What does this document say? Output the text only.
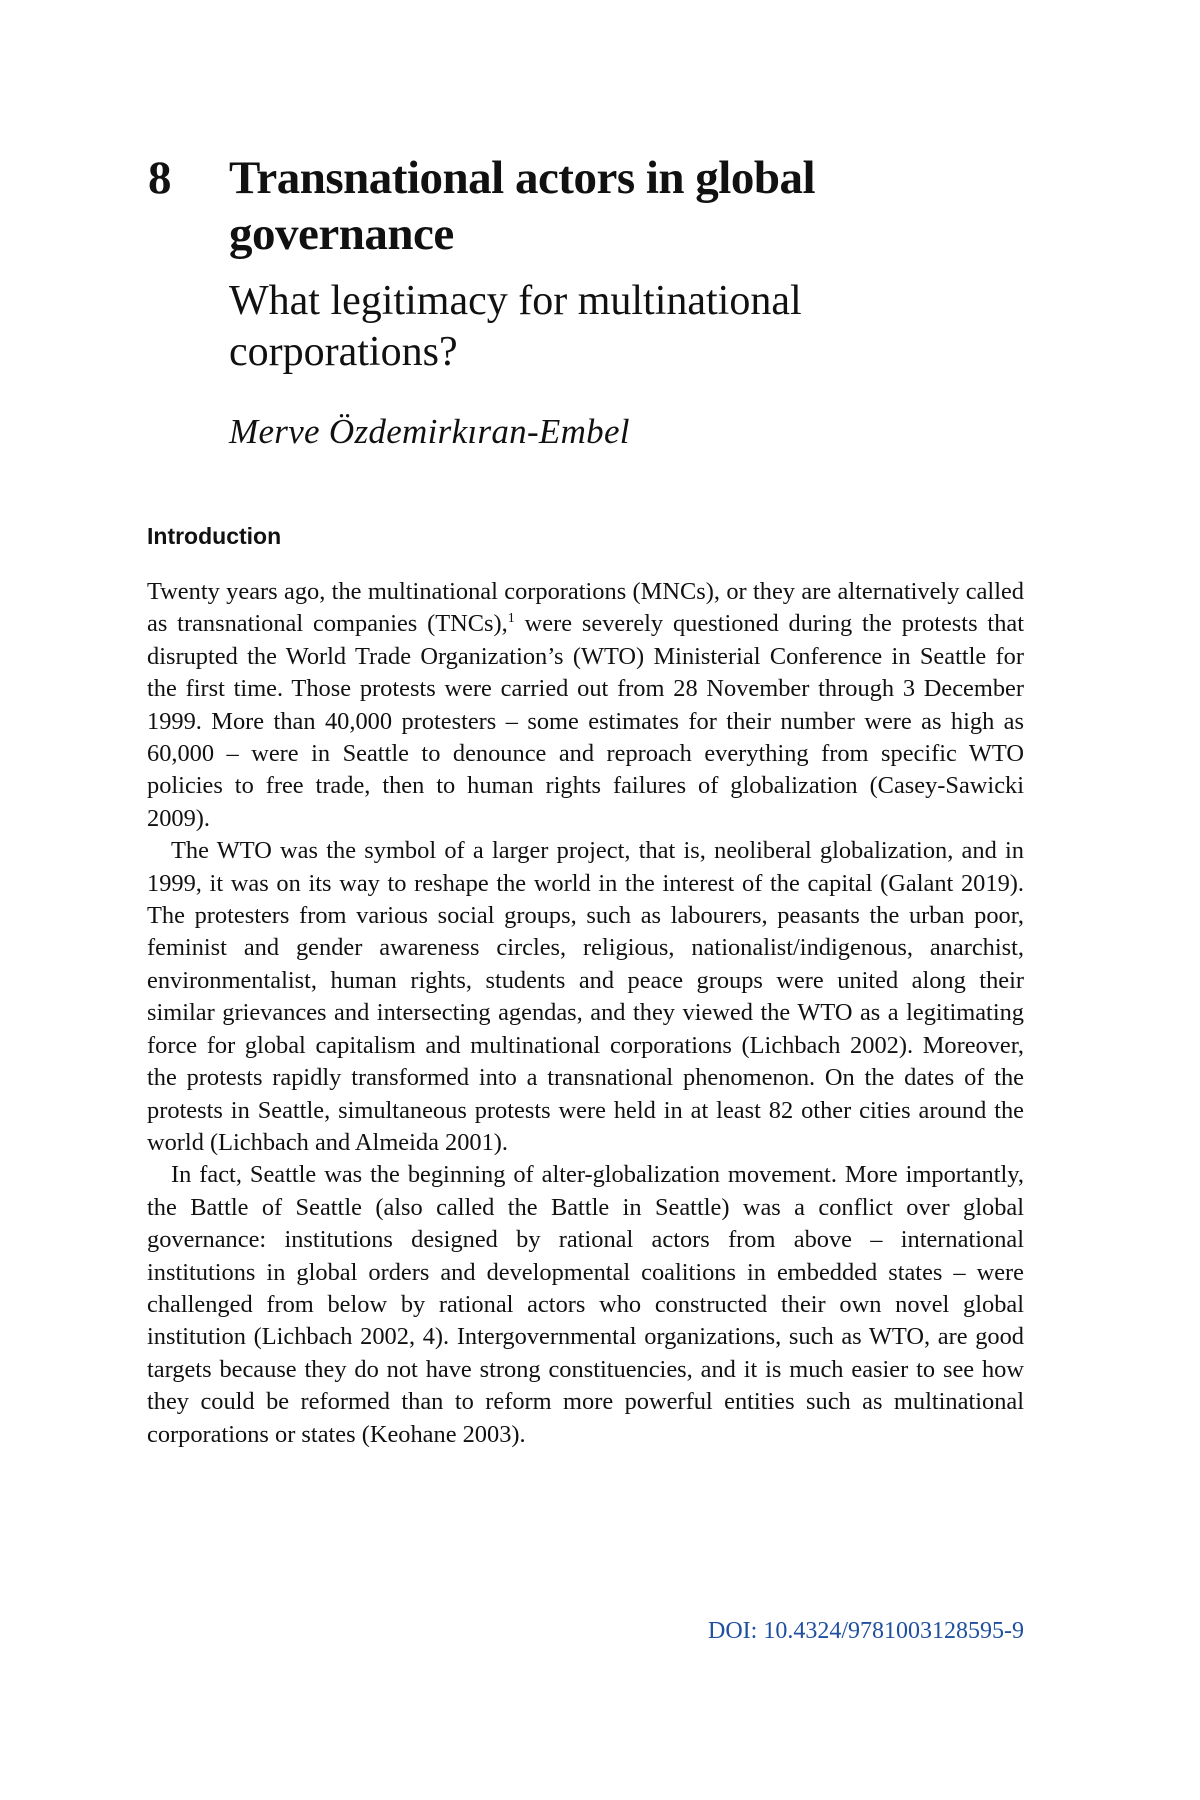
8 Transnational actors in global governance
What legitimacy for multinational corporations?
Merve Özdemirkıran-Embel
Introduction

Twenty years ago, the multinational corporations (MNCs), or they are alternatively called as transnational companies (TNCs),$^1$ were severely questioned during the protests that disrupted the World Trade Organization’s (WTO) Ministerial Conference in Seattle for the first time. Those protests were carried out from 28 November through 3 December 1999. More than 40,000 protesters – some estimates for their number were as high as 60,000 – were in Seattle to denounce and reproach everything from specific WTO policies to free trade, then to human rights failures of globalization (Casey-Sawicki 2009).

The WTO was the symbol of a larger project, that is, neoliberal globalization, and in 1999, it was on its way to reshape the world in the interest of the capital (Galant 2019). The protesters from various social groups, such as labourers, peasants the urban poor, feminist and gender awareness circles, religious, nationalist/indigenous, anarchist, environmentalist, human rights, students and peace groups were united along their similar grievances and intersecting agendas, and they viewed the WTO as a legitimating force for global capitalism and multinational corporations (Lichbach 2002). Moreover, the protests rapidly transformed into a transnational phenomenon. On the dates of the protests in Seattle, simultaneous protests were held in at least 82 other cities around the world (Lichbach and Almeida 2001).

In fact, Seattle was the beginning of alter-globalization movement. More importantly, the Battle of Seattle (also called the Battle in Seattle) was a conflict over global governance: institutions designed by rational actors from above – international institutions in global orders and developmental coalitions in embedded states – were challenged from below by rational actors who constructed their own novel global institution (Lichbach 2002, 4). Intergovernmental organizations, such as WTO, are good targets because they do not have strong constituencies, and it is much easier to see how they could be reformed than to reform more powerful entities such as multinational corporations or states (Keohane 2003).

DOI: 10.4324/9781003128595-9
